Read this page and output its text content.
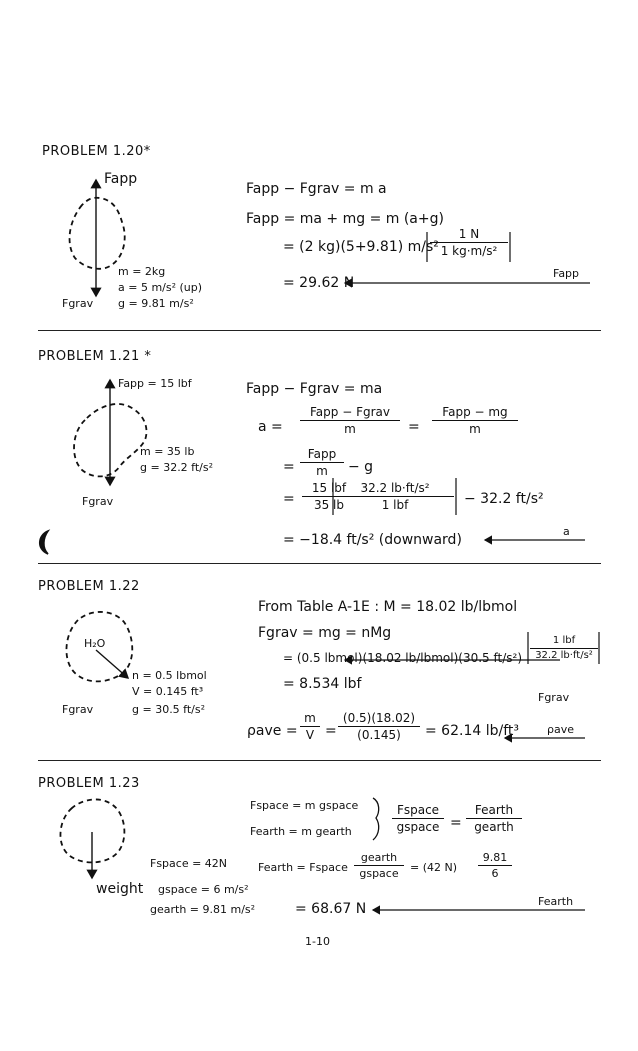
PROBLEM 1.20*
Fapp
m = 2kg
a = 5 m/s² (up)
Fgrav g = 9.81 m/s²
Fapp − Fgrav = m a
Fapp = ma + mg = m (a+g)
= (2 kg)(5+9.81) m/s²
1 N
1 kg·m/s²
= 29.62 N
Fapp
PROBLEM 1.21 *
Fapp = 15 lbf
m = 35 lb
g = 32.2 ft/s²
Fgrav
Fapp − Fgrav = ma
a =
Fapp − Fgrav
m	=
Fapp − mg
m
=
Fapp
m	− g
=
15 lbf
35 lb
32.2 lb·ft/s²
1 lbf	− 32.2 ft/s²
= −18.4 ft/s² (downward)
a
PROBLEM 1.22
H₂O
n = 0.5 lbmol
V = 0.145 ft³
Fgrav	g = 30.5 ft/s²
From Table A-1E : M = 18.02 lb/lbmol
Fgrav = mg = nMg
= (0.5 lbmol)(18.02 lb/lbmol)(30.5 ft/s²)
1 lbf
32.2 lb·ft/s²
= 8.534 lbf
Fgrav
ρave =
m
V =
(0.5)(18.02)
(0.145)	= 62.14 lb/ft³	ρave
PROBLEM 1.23
Fspace = 42N
weight gspace = 6 m/s²
gearth = 9.81 m/s²
Fspace = m gspace
Fearth = m gearth
Fspace
gspace =
Fearth
gearth
Fearth = Fspace
gearth
gspace	= (42 N)
9.81
6
= 68.67 N	Fearth
1-10
